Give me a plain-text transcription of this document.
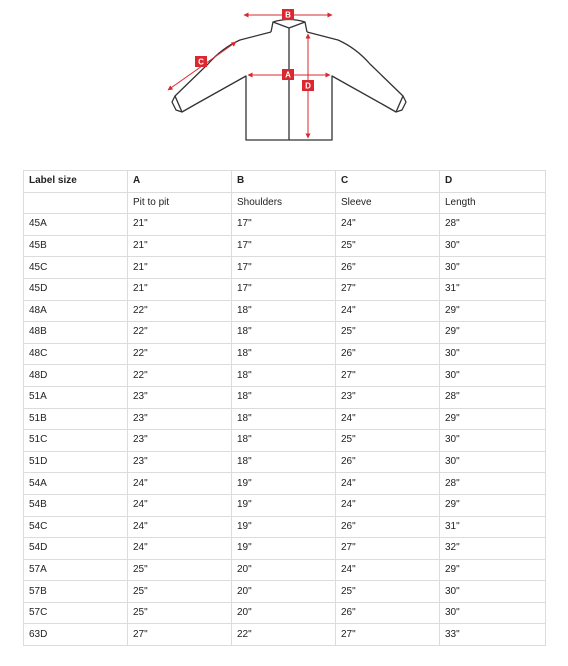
B
A
C
D
Label size	A	B	C	D
	Pit to pit	Shoulders	Sleeve	Length
45A	21"	17"	24"	28"
45B	21"	17"	25"	30"
45C	21"	17"	26"	30"
45D	21"	17"	27"	31"
48A	22"	18"	24"	29"
48B	22"	18"	25"	29"
48C	22"	18"	26"	30"
48D	22"	18"	27"	30"
51A	23"	18"	23"	28"
51B	23"	18"	24"	29"
51C	23"	18"	25"	30"
51D	23"	18"	26"	30"
54A	24"	19"	24"	28"
54B	24"	19"	24"	29"
54C	24"	19"	26"	31"
54D	24"	19"	27"	32"
57A	25"	20"	24"	29"
57B	25"	20"	25"	30"
57C	25"	20"	26"	30"
63D	27"	22"	27"	33"
